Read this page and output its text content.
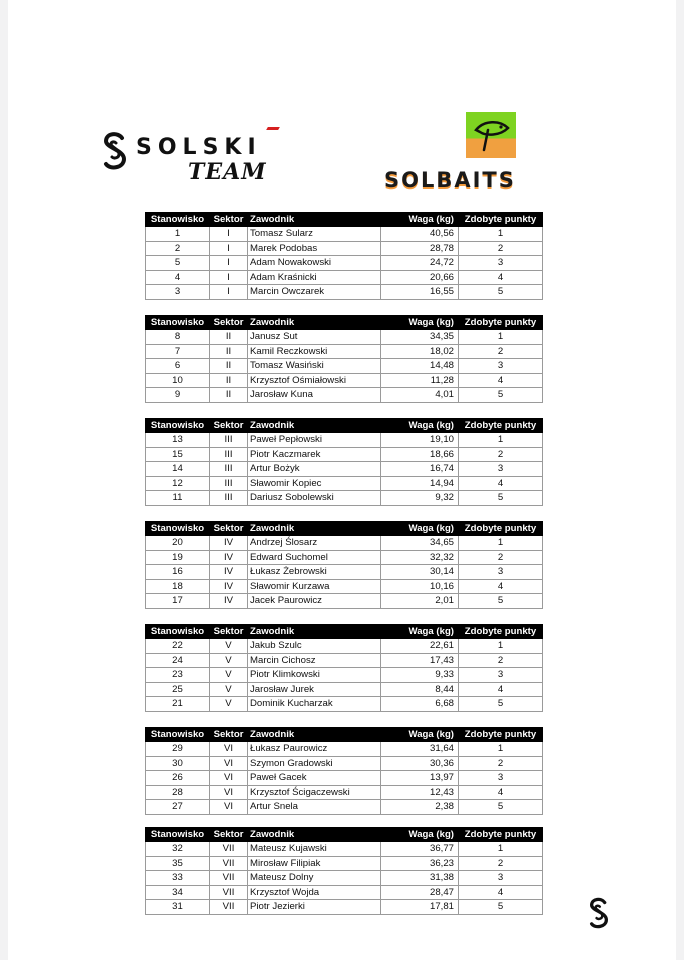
SOLSKI
TEAM	SOLBAITS
Stanowisko	Sektor	Zawodnik	Waga (kg)	Zdobyte punkty
1	I	Tomasz Sularz	40,56	1
2	I	Marek Podobas	28,78	2
5	I	Adam Nowakowski	24,72	3
4	I	Adam Kraśnicki	20,66	4
3	I	Marcin Owczarek	16,55	5
Stanowisko	Sektor	Zawodnik	Waga (kg)	Zdobyte punkty
8	II	Janusz Sut	34,35	1
7	II	Kamil Reczkowski	18,02	2
6	II	Tomasz Wasiński	14,48	3
10	II	Krzysztof Ośmiałowski	11,28	4
9	II	Jarosław Kuna	4,01	5
Stanowisko	Sektor	Zawodnik	Waga (kg)	Zdobyte punkty
13	III	Paweł Pepłowski	19,10	1
15	III	Piotr Kaczmarek	18,66	2
14	III	Artur Bożyk	16,74	3
12	III	Sławomir Kopiec	14,94	4
11	III	Dariusz Sobolewski	9,32	5
Stanowisko	Sektor	Zawodnik	Waga (kg)	Zdobyte punkty
20	IV	Andrzej Ślosarz	34,65	1
19	IV	Edward Suchomel	32,32	2
16	IV	Łukasz Żebrowski	30,14	3
18	IV	Sławomir Kurzawa	10,16	4
17	IV	Jacek Paurowicz	2,01	5
Stanowisko	Sektor	Zawodnik	Waga (kg)	Zdobyte punkty
22	V	Jakub Szulc	22,61	1
24	V	Marcin Cichosz	17,43	2
23	V	Piotr Klimkowski	9,33	3
25	V	Jarosław Jurek	8,44	4
21	V	Dominik Kucharzak	6,68	5
Stanowisko	Sektor	Zawodnik	Waga (kg)	Zdobyte punkty
29	VI	Łukasz Paurowicz	31,64	1
30	VI	Szymon Gradowski	30,36	2
26	VI	Paweł Gacek	13,97	3
28	VI	Krzysztof Ścigaczewski	12,43	4
27	VI	Artur Snela	2,38	5
Stanowisko	Sektor	Zawodnik	Waga (kg)	Zdobyte punkty
32	VII	Mateusz Kujawski	36,77	1
35	VII	Mirosław Filipiak	36,23	2
33	VII	Mateusz Dolny	31,38	3
34	VII	Krzysztof Wojda	28,47	4
31	VII	Piotr Jezierki	17,81	5
